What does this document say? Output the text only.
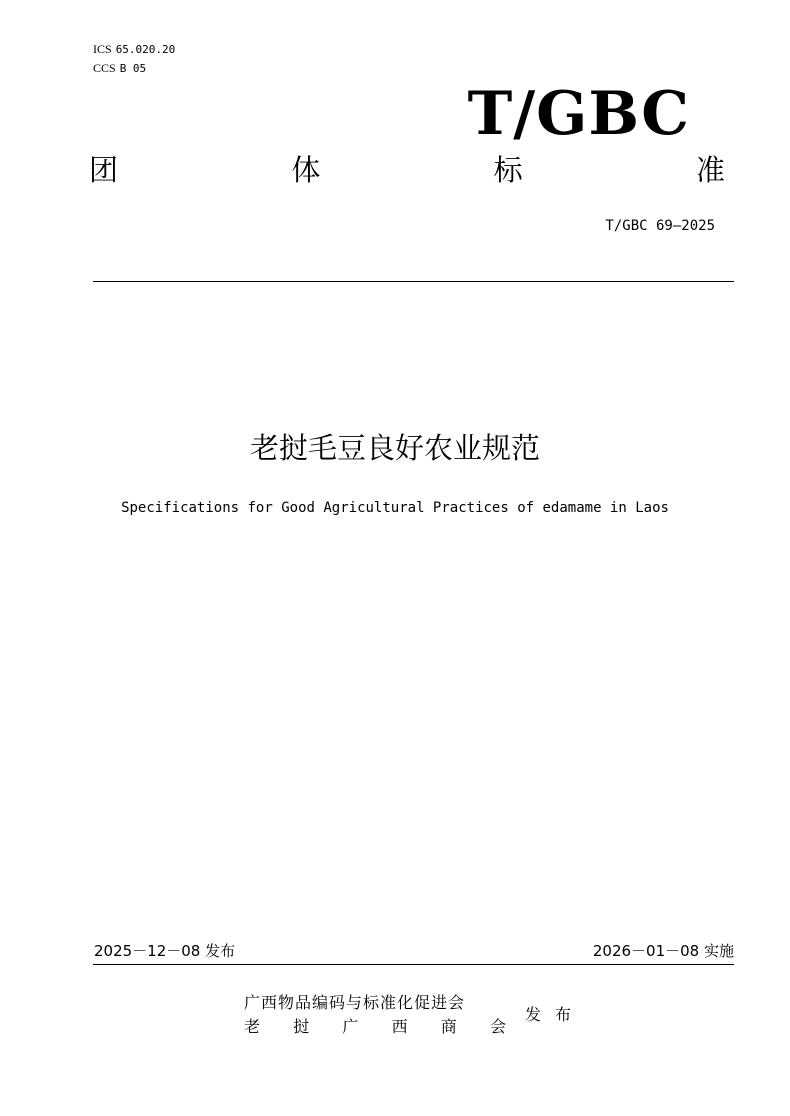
ICS 65.020.20
CCS B 05
T/GBC
团	体	标	准
T/GBC 69—2025
老挝毛豆良好农业规范
Specifications for Good Agricultural Practices of edamame in Laos
2025－12－08 发布	2026－01－08 实施
广西物品编码与标准化促进会
老 挝 广 西 商 会
发布
